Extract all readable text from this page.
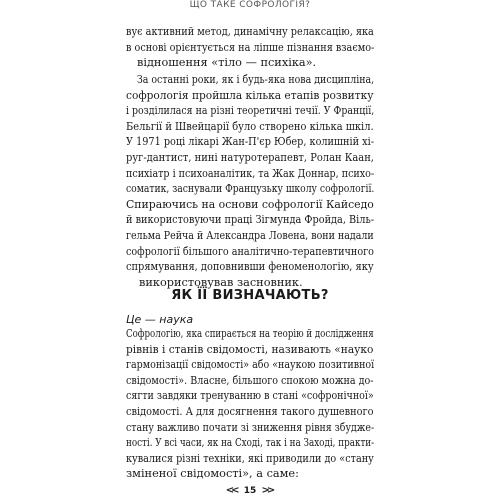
ЩО ТАКЕ СОФРОЛОГІЯ?
вує активний метод, динамічну релаксацію, яка
в основі орієнтується на ліпше пізнання взаємо-
відношення «тіло — психіка».
За останні роки, як і будь-яка нова дисципліна,
софрологія пройшла кілька етапів розвитку
і розділилася на різні теоретичні течії. У Франції,
Бельгії й Швейцарії було створено кілька шкіл.
У 1971 році лікарі Жан-П'єр Юбер, колишній хі-
руг-дантист, нині натуротерапевт, Ролан Каан,
психіатр і психоаналітик, та Жак Доннар, психо-
соматик, заснували Французьку школу софрології.
Спираючись на основи софрології Кайседо
й використовуючи праці Зігмунда Фройда, Віль-
гельма Рейча й Александра Ловена, вони надали
софрології більшого аналітично-терапевтичного
спрямування, доповнивши феноменологію, яку
використовував засновник.
ЯК ЇЇ ВИЗНАЧАЮТЬ?
Це — наука
Софрологію, яка спирається на теорію й дослідження
рівнів і станів свідомості, називають «науко
гармонізації свідомості» або «наукою позитивної
свідомості». Власне, більшого спокою можна до-
сягти завдяки тренуванню в стані «софронічної»
свідомості. А для досягнення такого душевного
стану важливо почати зі зниження рівня збудже-
ності. У всі часи, як на Сході, так і на Заході, практи-
кувалися різні техніки, які приводили до «стану
зміненої свідомості», а саме:
<< 15 >>
